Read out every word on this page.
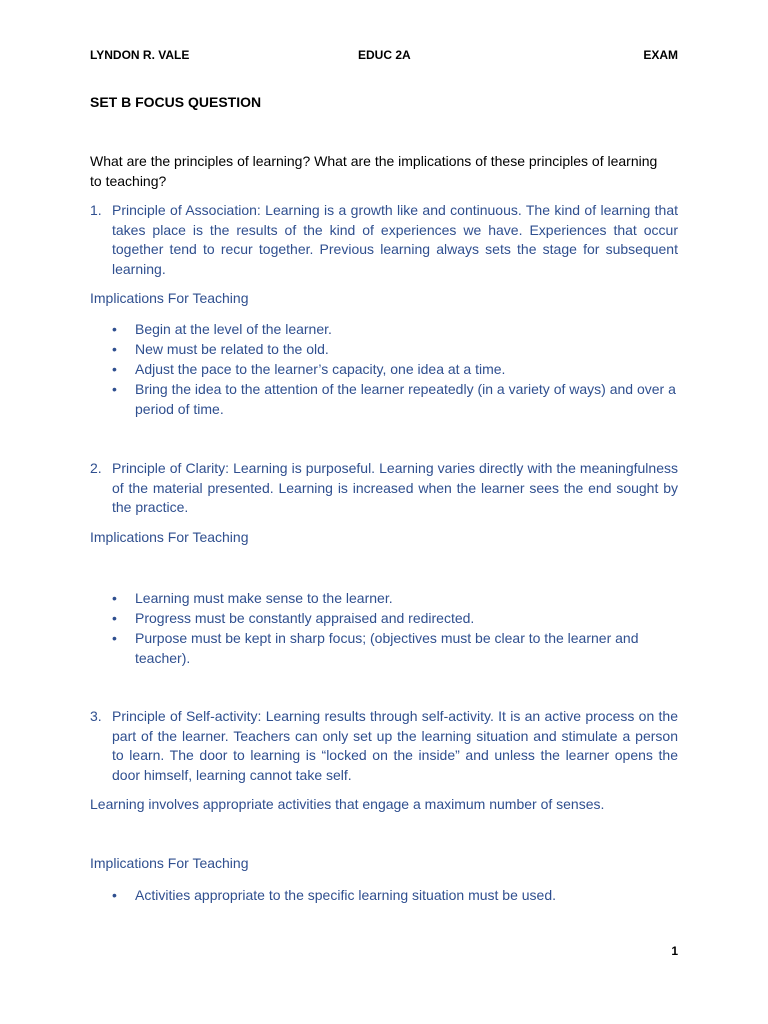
LYNDON R. VALE	EDUC 2A	EXAM
SET B FOCUS QUESTION
What are the principles of learning? What are the implications of these principles of learning to teaching?
1. Principle of Association: Learning is a growth like and continuous. The kind of learning that takes place is the results of the kind of experiences we have. Experiences that occur together tend to recur together. Previous learning always sets the stage for subsequent learning.
Implications For Teaching
• Begin at the level of the learner.
• New must be related to the old.
• Adjust the pace to the learner’s capacity, one idea at a time.
• Bring the idea to the attention of the learner repeatedly (in a variety of ways) and over a period of time.
2. Principle of Clarity: Learning is purposeful. Learning varies directly with the meaningfulness of the material presented. Learning is increased when the learner sees the end sought by the practice.
Implications For Teaching
• Learning must make sense to the learner.
• Progress must be constantly appraised and redirected.
• Purpose must be kept in sharp focus; (objectives must be clear to the learner and teacher).
3. Principle of Self-activity: Learning results through self-activity. It is an active process on the part of the learner. Teachers can only set up the learning situation and stimulate a person to learn. The door to learning is “locked on the inside” and unless the learner opens the door himself, learning cannot take self.
Learning involves appropriate activities that engage a maximum number of senses.
Implications For Teaching
• Activities appropriate to the specific learning situation must be used.
1
